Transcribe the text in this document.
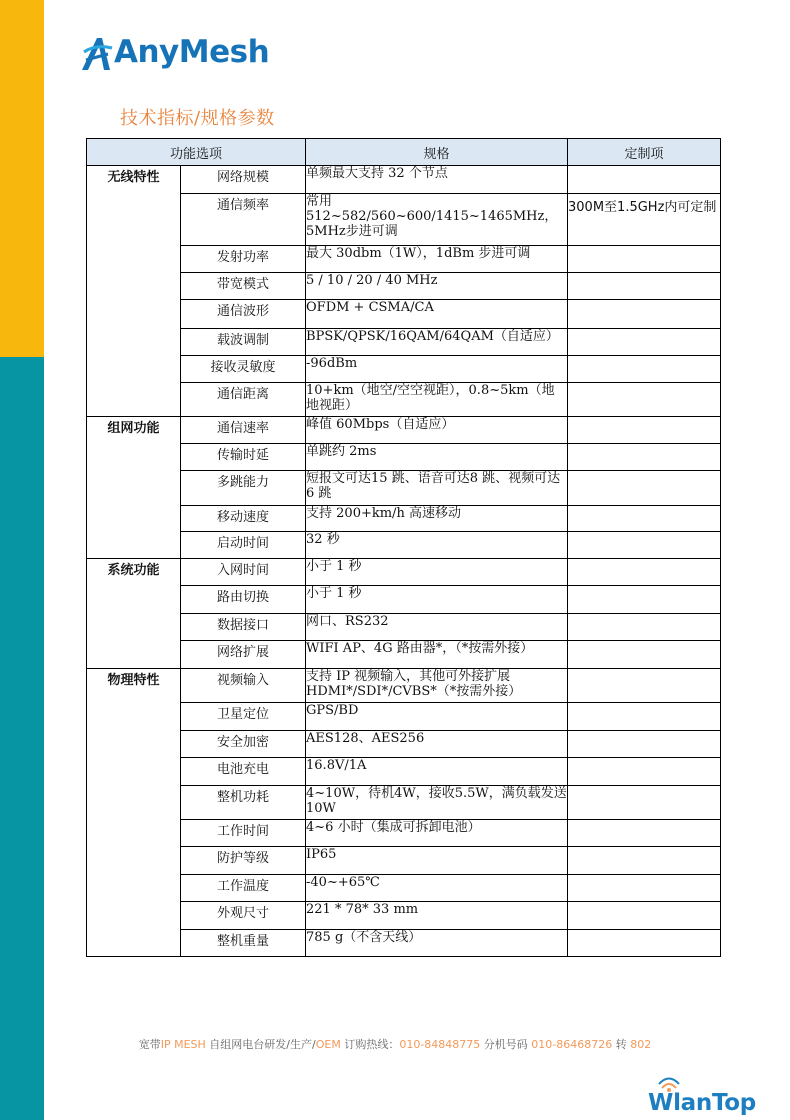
AnyMesh
技术指标/规格参数
功能选项		规格	定制项
无线特性	网络规模	单频最大支持 32 个节点	
	通信频率	常用512~582/560~600/1415~1465MHz，5MHz步进可调	300M至1.5GHz内可定制
	发射功率	最大 30dbm（1W），1dBm 步进可调	
	带宽模式	5 / 10 / 20 / 40 MHz	
	通信波形	OFDM + CSMA/CA	
	载波调制	BPSK/QPSK/16QAM/64QAM（自适应）	
	接收灵敏度	-96dBm	
	通信距离	10+km（地空/空空视距），0.8~5km（地地视距）	
组网功能	通信速率	峰值 60Mbps（自适应）	
	传输时延	单跳约 2ms	
	多跳能力	短报文可达15 跳、语音可达8 跳、视频可达6 跳	
	移动速度	支持 200+km/h 高速移动	
	启动时间	32 秒	
系统功能	入网时间	小于 1 秒	
	路由切换	小于 1 秒	
	数据接口	网口、RS232	
	网络扩展	WIFI AP、4G 路由器*，（*按需外接）	
物理特性	视频输入	支持 IP 视频输入，其他可外接扩展 HDMI*/SDI*/CVBS*（*按需外接）	
	卫星定位	GPS/BD	
	安全加密	AES128、AES256	
	电池充电	16.8V/1A	
	整机功耗	4~10W，待机4W，接收5.5W，满负载发送10W	
	工作时间	4~6 小时（集成可拆卸电池）	
	防护等级	IP65	
	工作温度	-40~+65℃	
	外观尺寸	221 * 78* 33 mm	
	整机重量	785 g（不含天线）	
宽带IP MESH 自组网电台研发/生产/OEM 订购热线：010-84848775 分机号码 010-86468726 转 802
WlanTop
